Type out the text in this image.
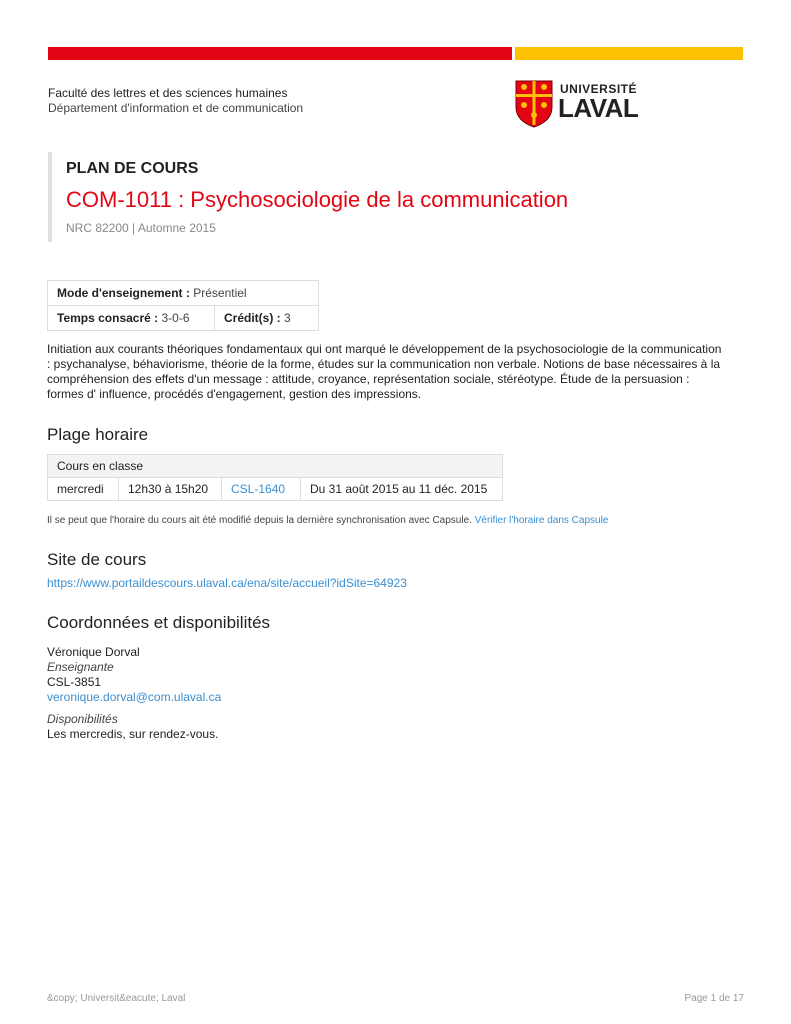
Faculté des lettres et des sciences humaines
Département d'information et de communication
UNIVERSITÉ
LAVAL
PLAN DE COURS
COM-1011 : Psychosociologie de la communication
NRC 82200 | Automne 2015
Mode d'enseignement : Présentiel
Temps consacré : 3-0-6	Crédit(s) : 3
Initiation aux courants théoriques fondamentaux qui ont marqué le développement de la psychosociologie de la communication : psychanalyse, béhaviorisme, théorie de la forme, études sur la communication non verbale. Notions de base nécessaires à la compréhension des effets d'un message : attitude, croyance, représentation sociale, stéréotype. Étude de la persuasion : formes d' influence, procédés d'engagement, gestion des impressions.
Plage horaire
Cours en classe
mercredi	12h30 à 15h20	CSL-1640	Du 31 août 2015 au 11 déc. 2015
Il se peut que l'horaire du cours ait été modifié depuis la dernière synchronisation avec Capsule. Vérifier l'horaire dans Capsule
Site de cours
https://www.portaildescours.ulaval.ca/ena/site/accueil?idSite=64923
Coordonnées et disponibilités
Véronique Dorval
Enseignante
CSL-3851
veronique.dorval@com.ulaval.ca
Disponibilités
Les mercredis, sur rendez-vous.
&copy; Universit&eacute; Laval	Page 1 de 17
